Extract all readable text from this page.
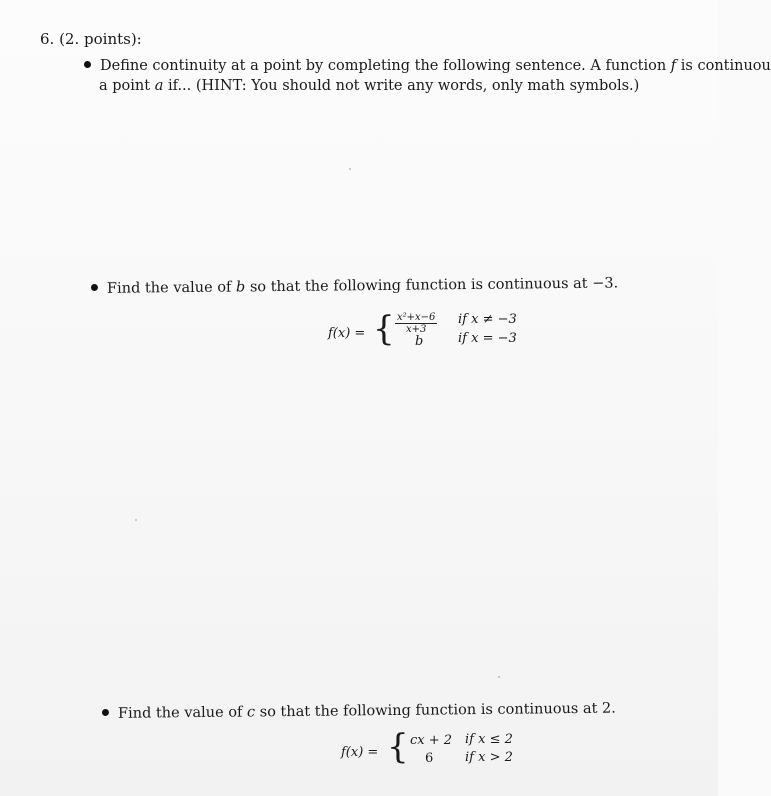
6. (2. points):
Define continuity at a point by completing the following sentence. A function f is continuou
a point a if... (HINT: You should not write any words, only math symbols.)
Find the value of b so that the following function is continuous at −3.
f(x) = { $\frac{\text{x²+x−6}}{x+3}$ if x ≠ −3
b	if x = −3
Find the value of c so that the following function is continuous at 2.
f(x) = { cx + 2 if x ≤ 2
6 if x > 2
